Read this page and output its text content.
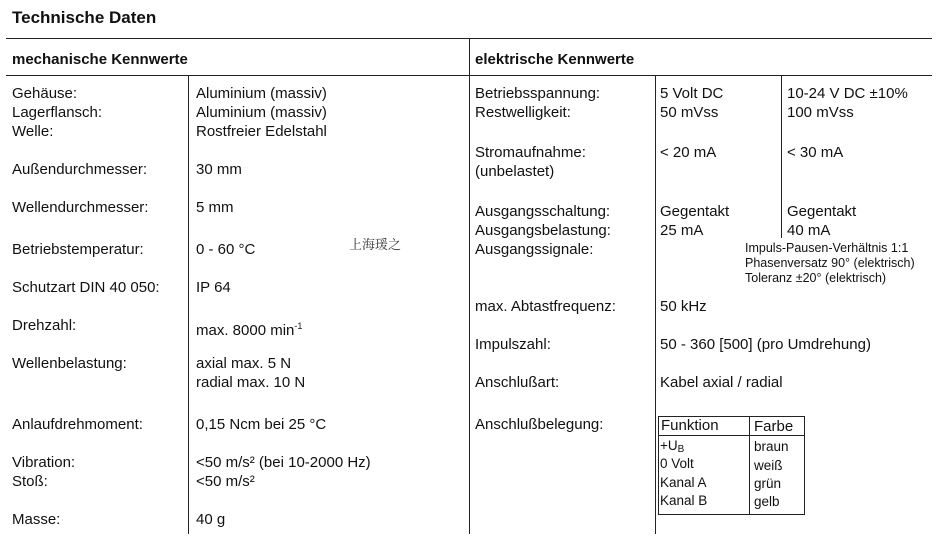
Technische Daten
mechanische Kennwerte	elektrische Kennwerte
Gehäuse:
Lagerflansch:
Welle:
Außendurchmesser:
Wellendurchmesser:
Betriebstemperatur:
Schutzart DIN 40 050:
Drehzahl:
Wellenbelastung:
Anlaufdrehmoment:
Vibration:
Stoß:
Masse:
Aluminium (massiv)
Aluminium (massiv)
Rostfreier Edelstahl
30 mm
5 mm
0 - 60 °C
IP 64
max. 8000 $\min^{-1}$
axial max. 5 N
radial max. 10 N
0,15 Ncm bei 25 °C
<50 m/s² (bei 10-2000 Hz)
<50 m/s²
40 g
上海瑗之
Betriebsspannung:
Restwelligkeit:
Stromaufnahme:
(unbelastet)
Ausgangsschaltung:
Ausgangsbelastung:
Ausgangssignale:
max. Abtastfrequenz:
Impulszahl:
Anschlußart:
Anschlußbelegung:
5 Volt DC
50 mVss
< 20 mA
Gegentakt
25 mA
10-24 V DC ±10%
100 mVss
< 30 mA
Gegentakt
40 mA
Impuls-Pausen-Verhältnis 1:1
Phasenversatz 90° (elektrisch)
Toleranz ±20° (elektrisch)
50 kHz
50 - 360 [500] (pro Umdrehung)
Kabel axial / radial
Funktion Farbe
$+U_B$
0 Volt
Kanal A
Kanal B
braun
weiß
grün
gelb
